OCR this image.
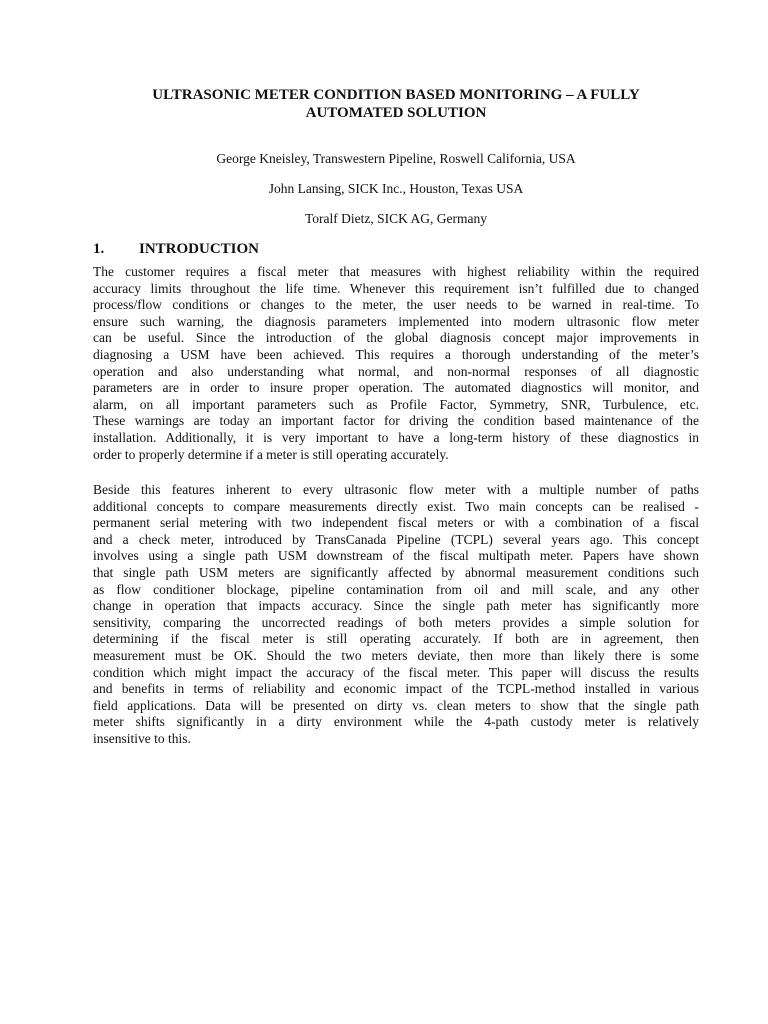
ULTRASONIC METER CONDITION BASED MONITORING – A FULLY
AUTOMATED SOLUTION
George Kneisley, Transwestern Pipeline, Roswell California, USA
John Lansing, SICK Inc., Houston, Texas USA
Toralf Dietz, SICK AG, Germany
1. INTRODUCTION
The customer requires a fiscal meter that measures with highest reliability within the required
accuracy limits throughout the life time. Whenever this requirement isn’t fulfilled due to changed
process/flow conditions or changes to the meter, the user needs to be warned in real-time. To
ensure such warning, the diagnosis parameters implemented into modern ultrasonic flow meter
can be useful. Since the introduction of the global diagnosis concept major improvements in
diagnosing a USM have been achieved. This requires a thorough understanding of the meter’s
operation and also understanding what normal, and non-normal responses of all diagnostic
parameters are in order to insure proper operation. The automated diagnostics will monitor, and
alarm, on all important parameters such as Profile Factor, Symmetry, SNR, Turbulence, etc.
These warnings are today an important factor for driving the condition based maintenance of the
installation. Additionally, it is very important to have a long-term history of these diagnostics in
order to properly determine if a meter is still operating accurately.
Beside this features inherent to every ultrasonic flow meter with a multiple number of paths
additional concepts to compare measurements directly exist. Two main concepts can be realised -
permanent serial metering with two independent fiscal meters or with a combination of a fiscal
and a check meter, introduced by TransCanada Pipeline (TCPL) several years ago. This concept
involves using a single path USM downstream of the fiscal multipath meter. Papers have shown
that single path USM meters are significantly affected by abnormal measurement conditions such
as flow conditioner blockage, pipeline contamination from oil and mill scale, and any other
change in operation that impacts accuracy. Since the single path meter has significantly more
sensitivity, comparing the uncorrected readings of both meters provides a simple solution for
determining if the fiscal meter is still operating accurately. If both are in agreement, then
measurement must be OK. Should the two meters deviate, then more than likely there is some
condition which might impact the accuracy of the fiscal meter. This paper will discuss the results
and benefits in terms of reliability and economic impact of the TCPL-method installed in various
field applications. Data will be presented on dirty vs. clean meters to show that the single path
meter shifts significantly in a dirty environment while the 4-path custody meter is relatively
insensitive to this.
